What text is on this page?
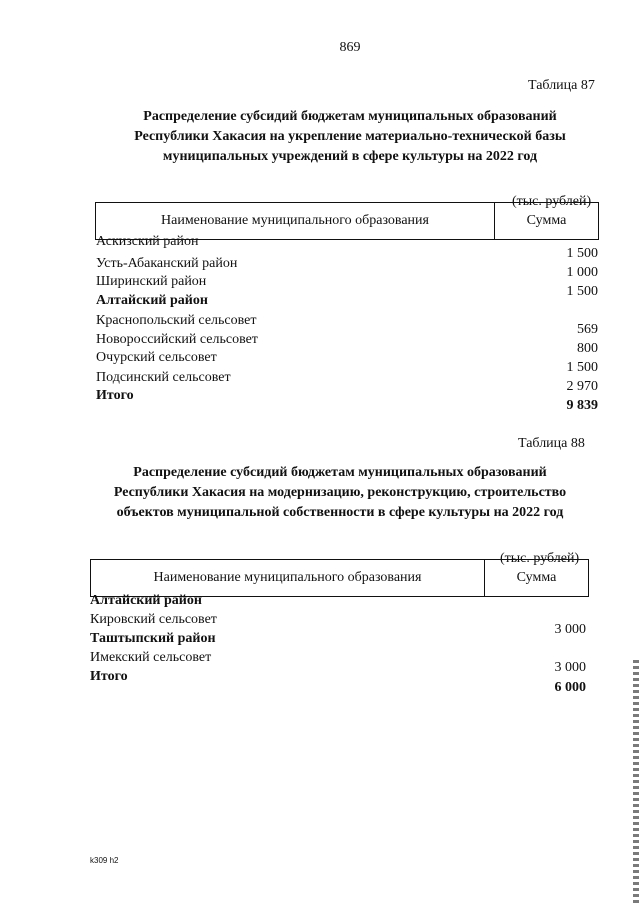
869
Таблица 87
Распределение субсидий бюджетам муниципальных образований
Республики Хакасия на укрепление материально-технической базы
муниципальных учреждений в сфере культуры на 2022 год
(тыс. рублей)
Наименование муниципального образования	Сумма
Аскизский район
Усть-Абаканский район
Ширинский район
Алтайский район
Краснопольский сельсовет
Новороссийский сельсовет
Очурский сельсовет
Подсинский сельсовет
Итого
1 500
1 000
1 500
569
800
1 500
2 970
9 839
Таблица 88
Распределение субсидий бюджетам муниципальных образований
Республики Хакасия на модернизацию, реконструкцию, строительство
объектов муниципальной собственности в сфере культуры на 2022 год
(тыс. рублей)
Наименование муниципального образования	Сумма
Алтайский район
Кировский сельсовет
Таштыпский район
Имекский сельсовет
Итого
3 000
3 000
6 000
k309 h2
